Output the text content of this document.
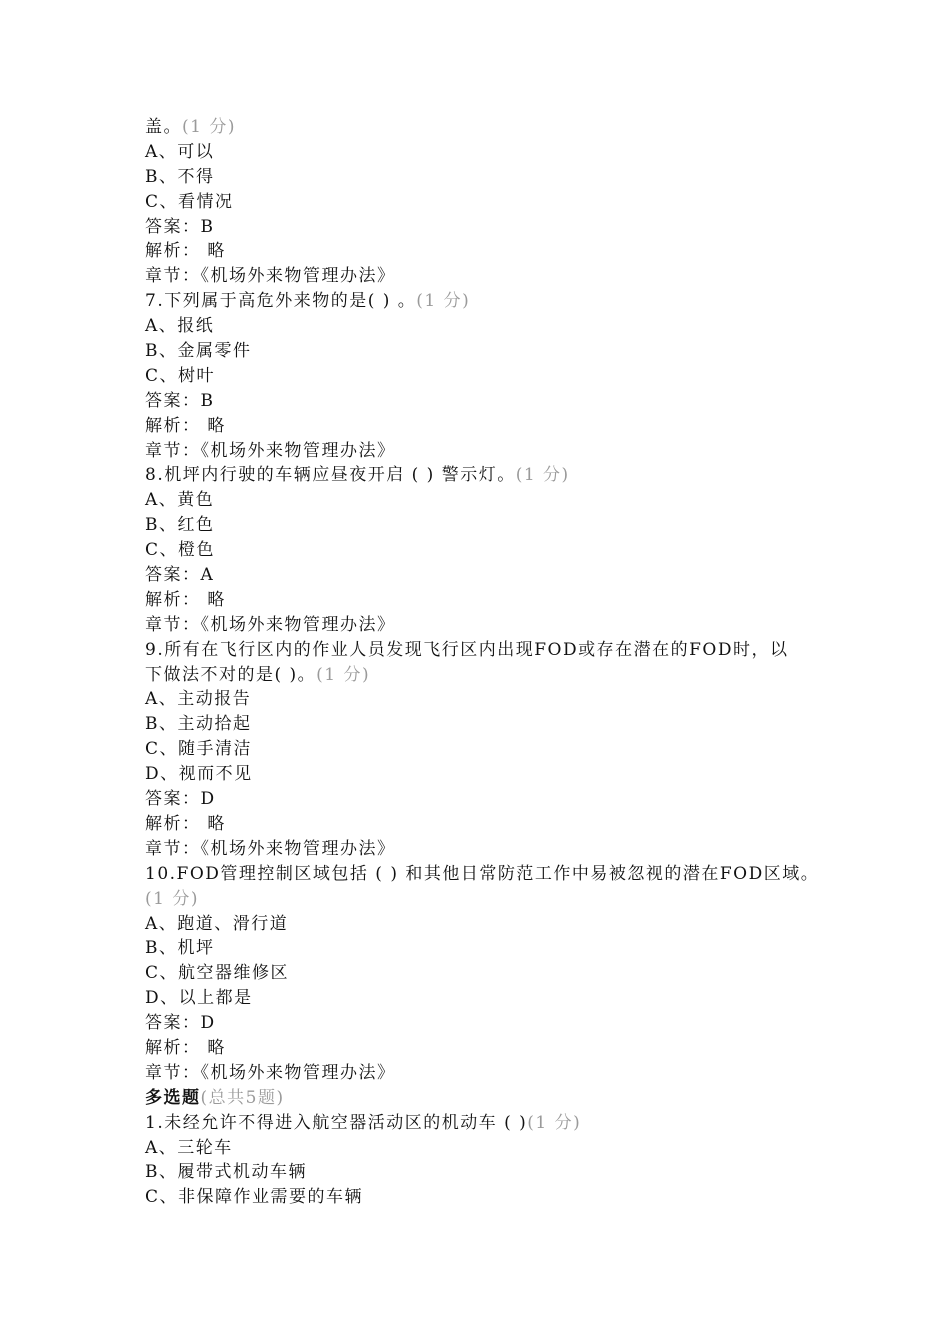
盖。(1 分)
A、可以
B、不得
C、看情况
答案：B
解析： 略
章节：《机场外来物管理办法》
7.下列属于高危外来物的是( ) 。(1 分)
A、报纸
B、金属零件
C、树叶
答案：B
解析： 略
章节：《机场外来物管理办法》
8.机坪内行驶的车辆应昼夜开启 ( ) 警示灯。(1 分)
A、黄色
B、红色
C、橙色
答案：A
解析： 略
章节：《机场外来物管理办法》
9.所有在飞行区内的作业人员发现飞行区内出现FOD或存在潜在的FOD时，以
下做法不对的是( )。(1 分)
A、主动报告
B、主动拾起
C、随手清洁
D、视而不见
答案：D
解析： 略
章节：《机场外来物管理办法》
10.FOD管理控制区域包括 ( ) 和其他日常防范工作中易被忽视的潜在FOD区域。
(1 分)
A、跑道、滑行道
B、机坪
C、航空器维修区
D、以上都是
答案：D
解析： 略
章节：《机场外来物管理办法》
多选题(总共5题)
1.未经允许不得进入航空器活动区的机动车 ( )(1 分)
A、三轮车
B、履带式机动车辆
C、非保障作业需要的车辆
